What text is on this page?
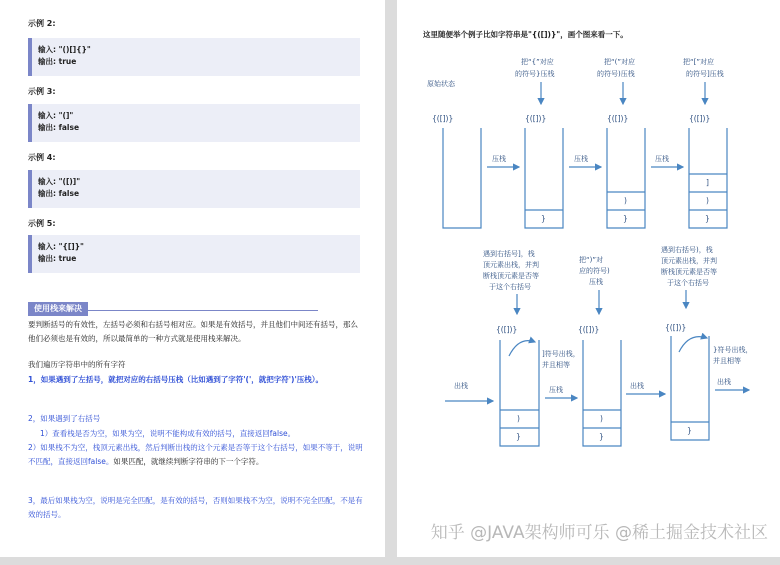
示例 2:
输入: "()[]{}"
输出: true
示例 3:
输入: "(]"
输出: false
示例 4:
输入: "([)]"
输出: false
示例 5:
输入: "{[]}"
输出: true
使用栈来解决
要判断括号的有效性，左括号必须和右括号相对应。如果是有效括号，并且他们中间还有括号，那么他们必须也是有效的，所以最简单的一种方式就是使用栈来解决。
我们遍历字符串中的所有字符
1，如果遇到了左括号，就把对应的右括号压栈（比如遇到了字符'('，就把字符')'压栈）。
2，如果遇到了右括号
1）查看栈是否为空，如果为空，说明不能构成有效的括号，直接返回false。
2）如果栈不为空，栈顶元素出栈，然后判断出栈的这个元素是否等于这个右括号，如果不等于，说明不匹配，直接返回false。如果匹配，就继续判断字符串的下一个字符。
3，最后如果栈为空，说明是完全匹配，是有效的括号，否则如果栈不为空，说明不完全匹配，不是有效的括号。
这里随便举个例子比如字符串是"{([])}"，画个图来看一下。
原始状态
{([])}	{([])}	{([])}	{([])}
把“{”对应
的符号}压栈
把“(”对应
的符号)压栈
把“[”对应
的符号]压栈
}	}
)
}
)
]
压栈	压栈	压栈
遇到右括号]，栈
顶元素出栈，并判
断栈顶元素是否等
于这个右括号
把“)”对
应的符号)
压栈
遇到右括号)，栈
顶元素出栈，并判
断栈顶元素是否等
于这个右括号
{([])}	{([])}	{([])}
}
)
]符号出栈，
并且相等
}
)
}
}符号出栈，
并且相等
出栈	压栈	出栈	出栈
知乎 @JAVA架构师可乐 @稀土掘金技术社区
